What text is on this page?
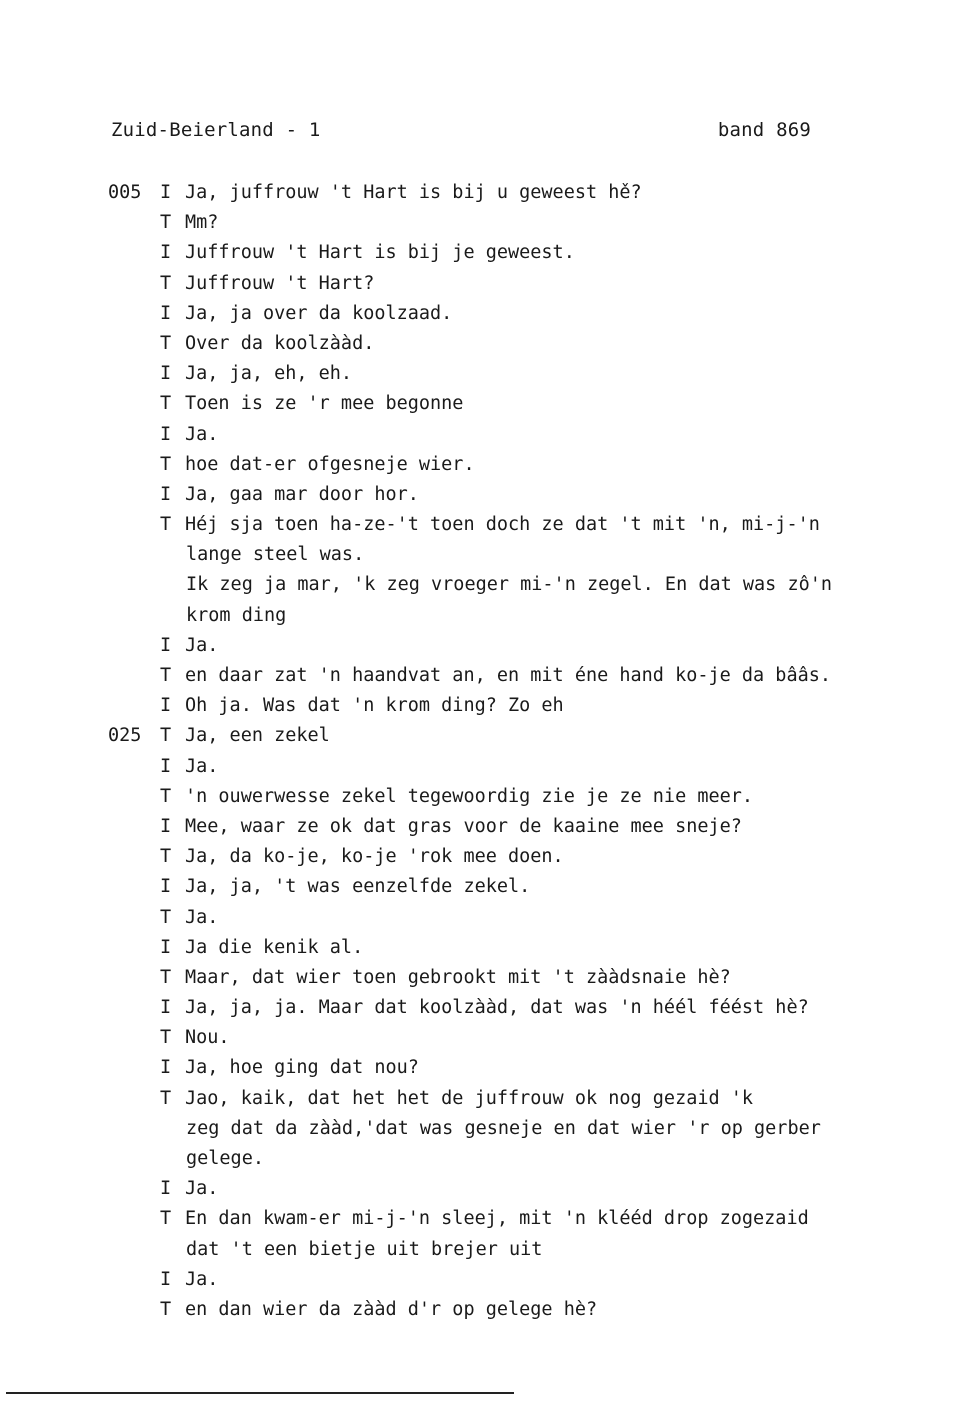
Zuid-Beierland - 1	band 869
005	I Ja, juffrouw 't Hart is bij u geweest hě?
T Mm?
I Juffrouw 't Hart is bij je geweest.
T Juffrouw 't Hart?
I Ja, ja over da koolzaad.
T Over da koolzààd.
I Ja, ja, eh, eh.
T Toen is ze 'r mee begonne
I Ja.
T hoe dat-er ofgesneje wier.
I Ja, gaa mar door hor.
T Héj sja toen ha-ze-'t toen doch ze dat 't mit 'n, mi-j-'n
lange steel was.
Ik zeg ja mar, 'k zeg vroeger mi-'n zegel. En dat was zô'n
krom ding
I Ja.
T en daar zat 'n haandvat an, en mit éne hand ko-je da bââs.
I Oh ja. Was dat 'n krom ding? Zo eh
025	T Ja, een zekel
I Ja.
T 'n ouwerwesse zekel tegewoordig zie je ze nie meer.
I Mee, waar ze ok dat gras voor de kaaine mee sneje?
T Ja, da ko-je, ko-je 'rok mee doen.
I Ja, ja, 't was eenzelfde zekel.
T Ja.
I Ja die kenik al.
T Maar, dat wier toen gebrookt mit 't zààdsnaie hè?
I Ja, ja, ja. Maar dat koolzààd, dat was 'n héél féést hè?
T Nou.
I Ja, hoe ging dat nou?
T Jao, kaik, dat het het de juffrouw ok nog gezaid 'k
zeg dat da zààd,'dat was gesneje en dat wier 'r op gerber
gelege.
I Ja.
T En dan kwam-er mi-j-'n sleej, mit 'n klééd drop zogezaid
dat 't een bietje uit brejer uit
I Ja.
T en dan wier da zààd d'r op gelege hè?
